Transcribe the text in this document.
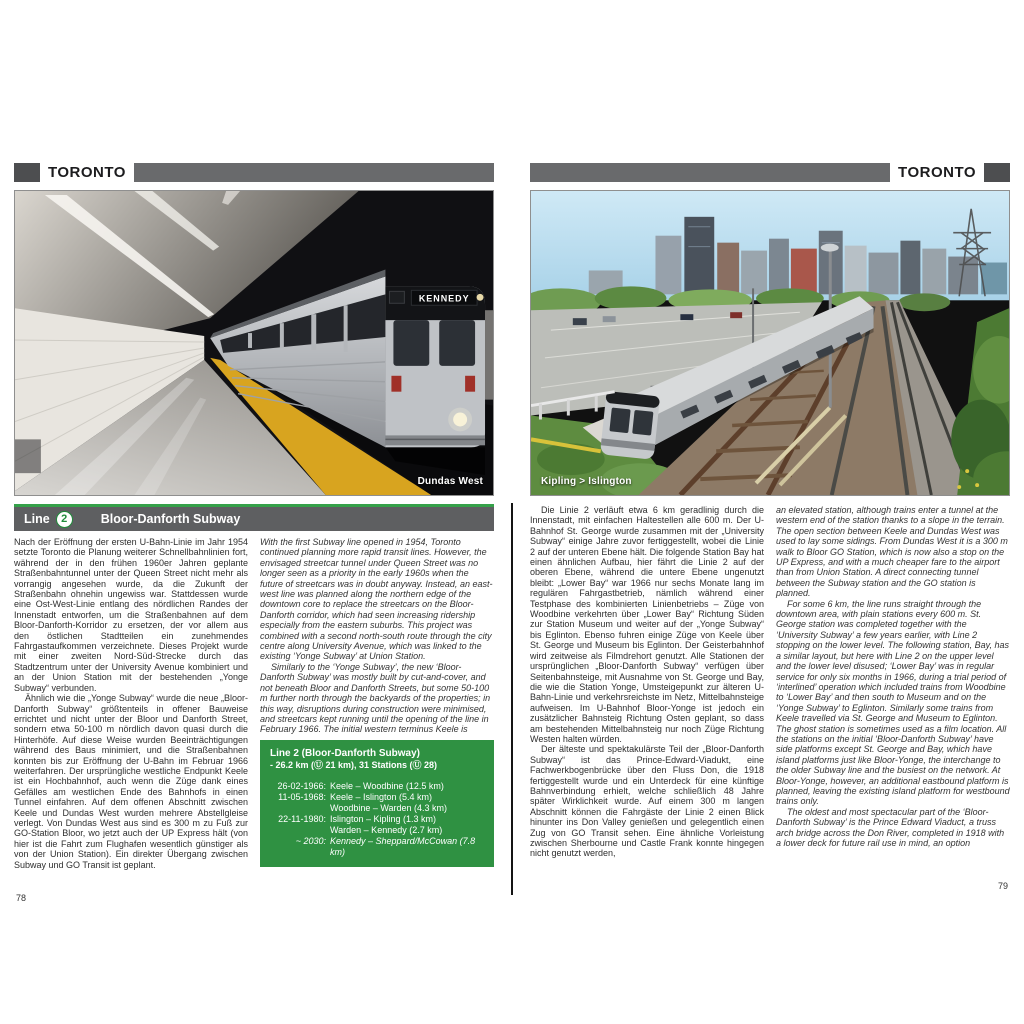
TORONTO
KENNEDY
Dundas West
Line	2	Bloor-Danforth Subway

Nach der Eröffnung der ersten U-Bahn-Linie im Jahr 1954 setzte Toronto die Planung weiterer Schnellbahnlinien fort, während der in den frühen 1960er Jahren geplante Straßenbahntunnel unter der Queen Street nicht mehr als vorrangig angesehen wurde, da die Zukunft der Straßenbahn ohnehin ungewiss war. Stattdessen wurde eine Ost-West-Linie entlang des nördlichen Randes der Innenstadt entworfen, um die Straßenbahnen auf dem Bloor-Danforth-Korridor zu ersetzen, der vor allem aus den östlichen Stadtteilen ein zunehmendes Fahrgastaufkommen verzeichnete. Dieses Projekt wurde mit einer zweiten Nord-Süd-Strecke durch das Stadtzentrum unter der University Avenue kombiniert und an der Union Station mit der bestehenden „Yonge Subway“ verbunden.

Ähnlich wie die „Yonge Subway“ wurde die neue „Bloor-Danforth Subway“ größtenteils in offener Bauweise errichtet und nicht unter der Bloor und Danforth Street, sondern etwa 50-100 m nördlich davon quasi durch die Hinterhöfe. Auf diese Weise wurden Beeinträchtigungen während des Baus minimiert, und die Straßenbahnen konnten bis zur Eröffnung der U-Bahn im Februar 1966 weiterfahren. Der ursprüngliche westliche Endpunkt Keele ist ein Hochbahnhof, auch wenn die Züge dank eines Gefälles am westlichen Ende des Bahnhofs in einen Tunnel einfahren. Auf dem offenen Abschnitt zwischen Keele und Dundas West wurden mehrere Abstellgleise verlegt. Von Dundas West aus sind es 300 m zu Fuß zur GO-Station Bloor, wo jetzt auch der UP Express hält (von hier ist die Fahrt zum Flughafen wesentlich günstiger als von der Union Station). Ein direkter Übergang zwischen Subway und GO Transit ist geplant.

With the first Subway line opened in 1954, Toronto continued planning more rapid transit lines. However, the envisaged streetcar tunnel under Queen Street was no longer seen as a priority in the early 1960s when the future of streetcars was in doubt anyway. Instead, an east-west line was planned along the northern edge of the downtown core to replace the streetcars on the Bloor-Danforth corridor, which had seen increasing ridership especially from the eastern suburbs. This project was combined with a second north-south route through the city centre along University Avenue, which was linked to the existing ‘Yonge Subway’ at Union Station.

Similarly to the ‘Yonge Subway’, the new ‘Bloor-Danforth Subway’ was mostly built by cut-and-cover, and not beneath Bloor and Danforth Streets, but some 50-100 m further north through the backyards of the properties; in this way, disruptions during construction were minimised, and streetcars kept running until the opening of the line in February 1966. The initial western terminus Keele is

Line 2 (Bloor-Danforth Subway)
- 26.2 km (Ⓤ 21 km), 31 Stations (Ⓤ 28)
26-02-1966: Keele – Woodbine (12.5 km)
11-05-1968: Keele – Islington (5.4 km)
Woodbine – Warden (4.3 km)
22-11-1980: Islington – Kipling (1.3 km)
Warden – Kennedy (2.7 km)
~ 2030: Kennedy – Sheppard/McCowan (7.8 km)
78
TORONTO
Kipling > Islington

Die Linie 2 verläuft etwa 6 km geradlinig durch die Innenstadt, mit einfachen Haltestellen alle 600 m. Der U-Bahnhof St. George wurde zusammen mit der „University Subway“ einige Jahre zuvor fertiggestellt, wobei die Linie 2 auf der unteren Ebene hält. Die folgende Station Bay hat einen ähnlichen Aufbau, hier fährt die Linie 2 auf der oberen Ebene, während die untere Ebene ungenutzt bleibt: „Lower Bay“ war 1966 nur sechs Monate lang im regulären Fahrgastbetrieb, nämlich während einer Testphase des kombinierten Linienbetriebs – Züge von Woodbine verkehrten über „Lower Bay“ Richtung Süden zur Station Museum und weiter auf der „Yonge Subway“ bis Eglinton. Ebenso fuhren einige Züge von Keele über St. George und Museum bis Eglinton. Der Geisterbahnhof wird zeitweise als Filmdrehort genutzt. Alle Stationen der ursprünglichen „Bloor-Danforth Subway“ verfügen über Seitenbahnsteige, mit Ausnahme von St. George und Bay, die wie die Station Yonge, Umsteigepunkt zur älteren U-Bahn-Linie und verkehrsreichste im Netz, Mittelbahnsteige aufweisen. Im U-Bahnhof Bloor-Yonge ist jedoch ein zusätzlicher Bahnsteig Richtung Osten geplant, so dass am bestehenden Mittelbahnsteig nur noch Züge Richtung Westen halten würden.

Der älteste und spektakulärste Teil der „Bloor-Danforth Subway“ ist das Prince-Edward-Viadukt, eine Fachwerkbogenbrücke über den Fluss Don, die 1918 fertiggestellt wurde und ein Unterdeck für eine künftige Bahnverbindung erhielt, welche schließlich 48 Jahre später Wirklichkeit wurde. Auf einem 300 m langen Abschnitt können die Fahrgäste der Linie 2 einen Blick hinunter ins Don Valley genießen und gelegentlich einen Zug von GO Transit sehen. Eine ähnliche Vorleistung zwischen Sherbourne und Castle Frank konnte hingegen nicht genutzt werden,

an elevated station, although trains enter a tunnel at the western end of the station thanks to a slope in the terrain. The open section between Keele and Dundas West was used to lay some sidings. From Dundas West it is a 300 m walk to Bloor GO Station, which is now also a stop on the UP Express, and with a much cheaper fare to the airport than from Union Station. A direct connecting tunnel between the Subway station and the GO station is planned.

For some 6 km, the line runs straight through the downtown area, with plain stations every 600 m. St. George station was completed together with the ‘University Subway’ a few years earlier, with Line 2 stopping on the lower level. The following station, Bay, has a similar layout, but here with Line 2 on the upper level and the lower level disused; ‘Lower Bay’ was in regular service for only six months in 1966, during a trial period of ‘interlined’ operation which included trains from Woodbine to ‘Lower Bay’ and then south to Museum and on the ‘Yonge Subway’ to Eglinton. Similarly some trains from Keele travelled via St. George and Museum to Eglinton. The ghost station is sometimes used as a film location. All the stations on the initial ‘Bloor-Danforth Subway’ have side platforms except St. George and Bay, which have island platforms just like Bloor-Yonge, the interchange to the older Subway line and the busiest on the network. At Bloor-Yonge, however, an additional eastbound platform is planned, leaving the existing island platform for westbound trains only.

The oldest and most spectacular part of the ‘Bloor-Danforth Subway’ is the Prince Edward Viaduct, a truss arch bridge across the Don River, completed in 1918 with a lower deck for future rail use in mind, an option

79
